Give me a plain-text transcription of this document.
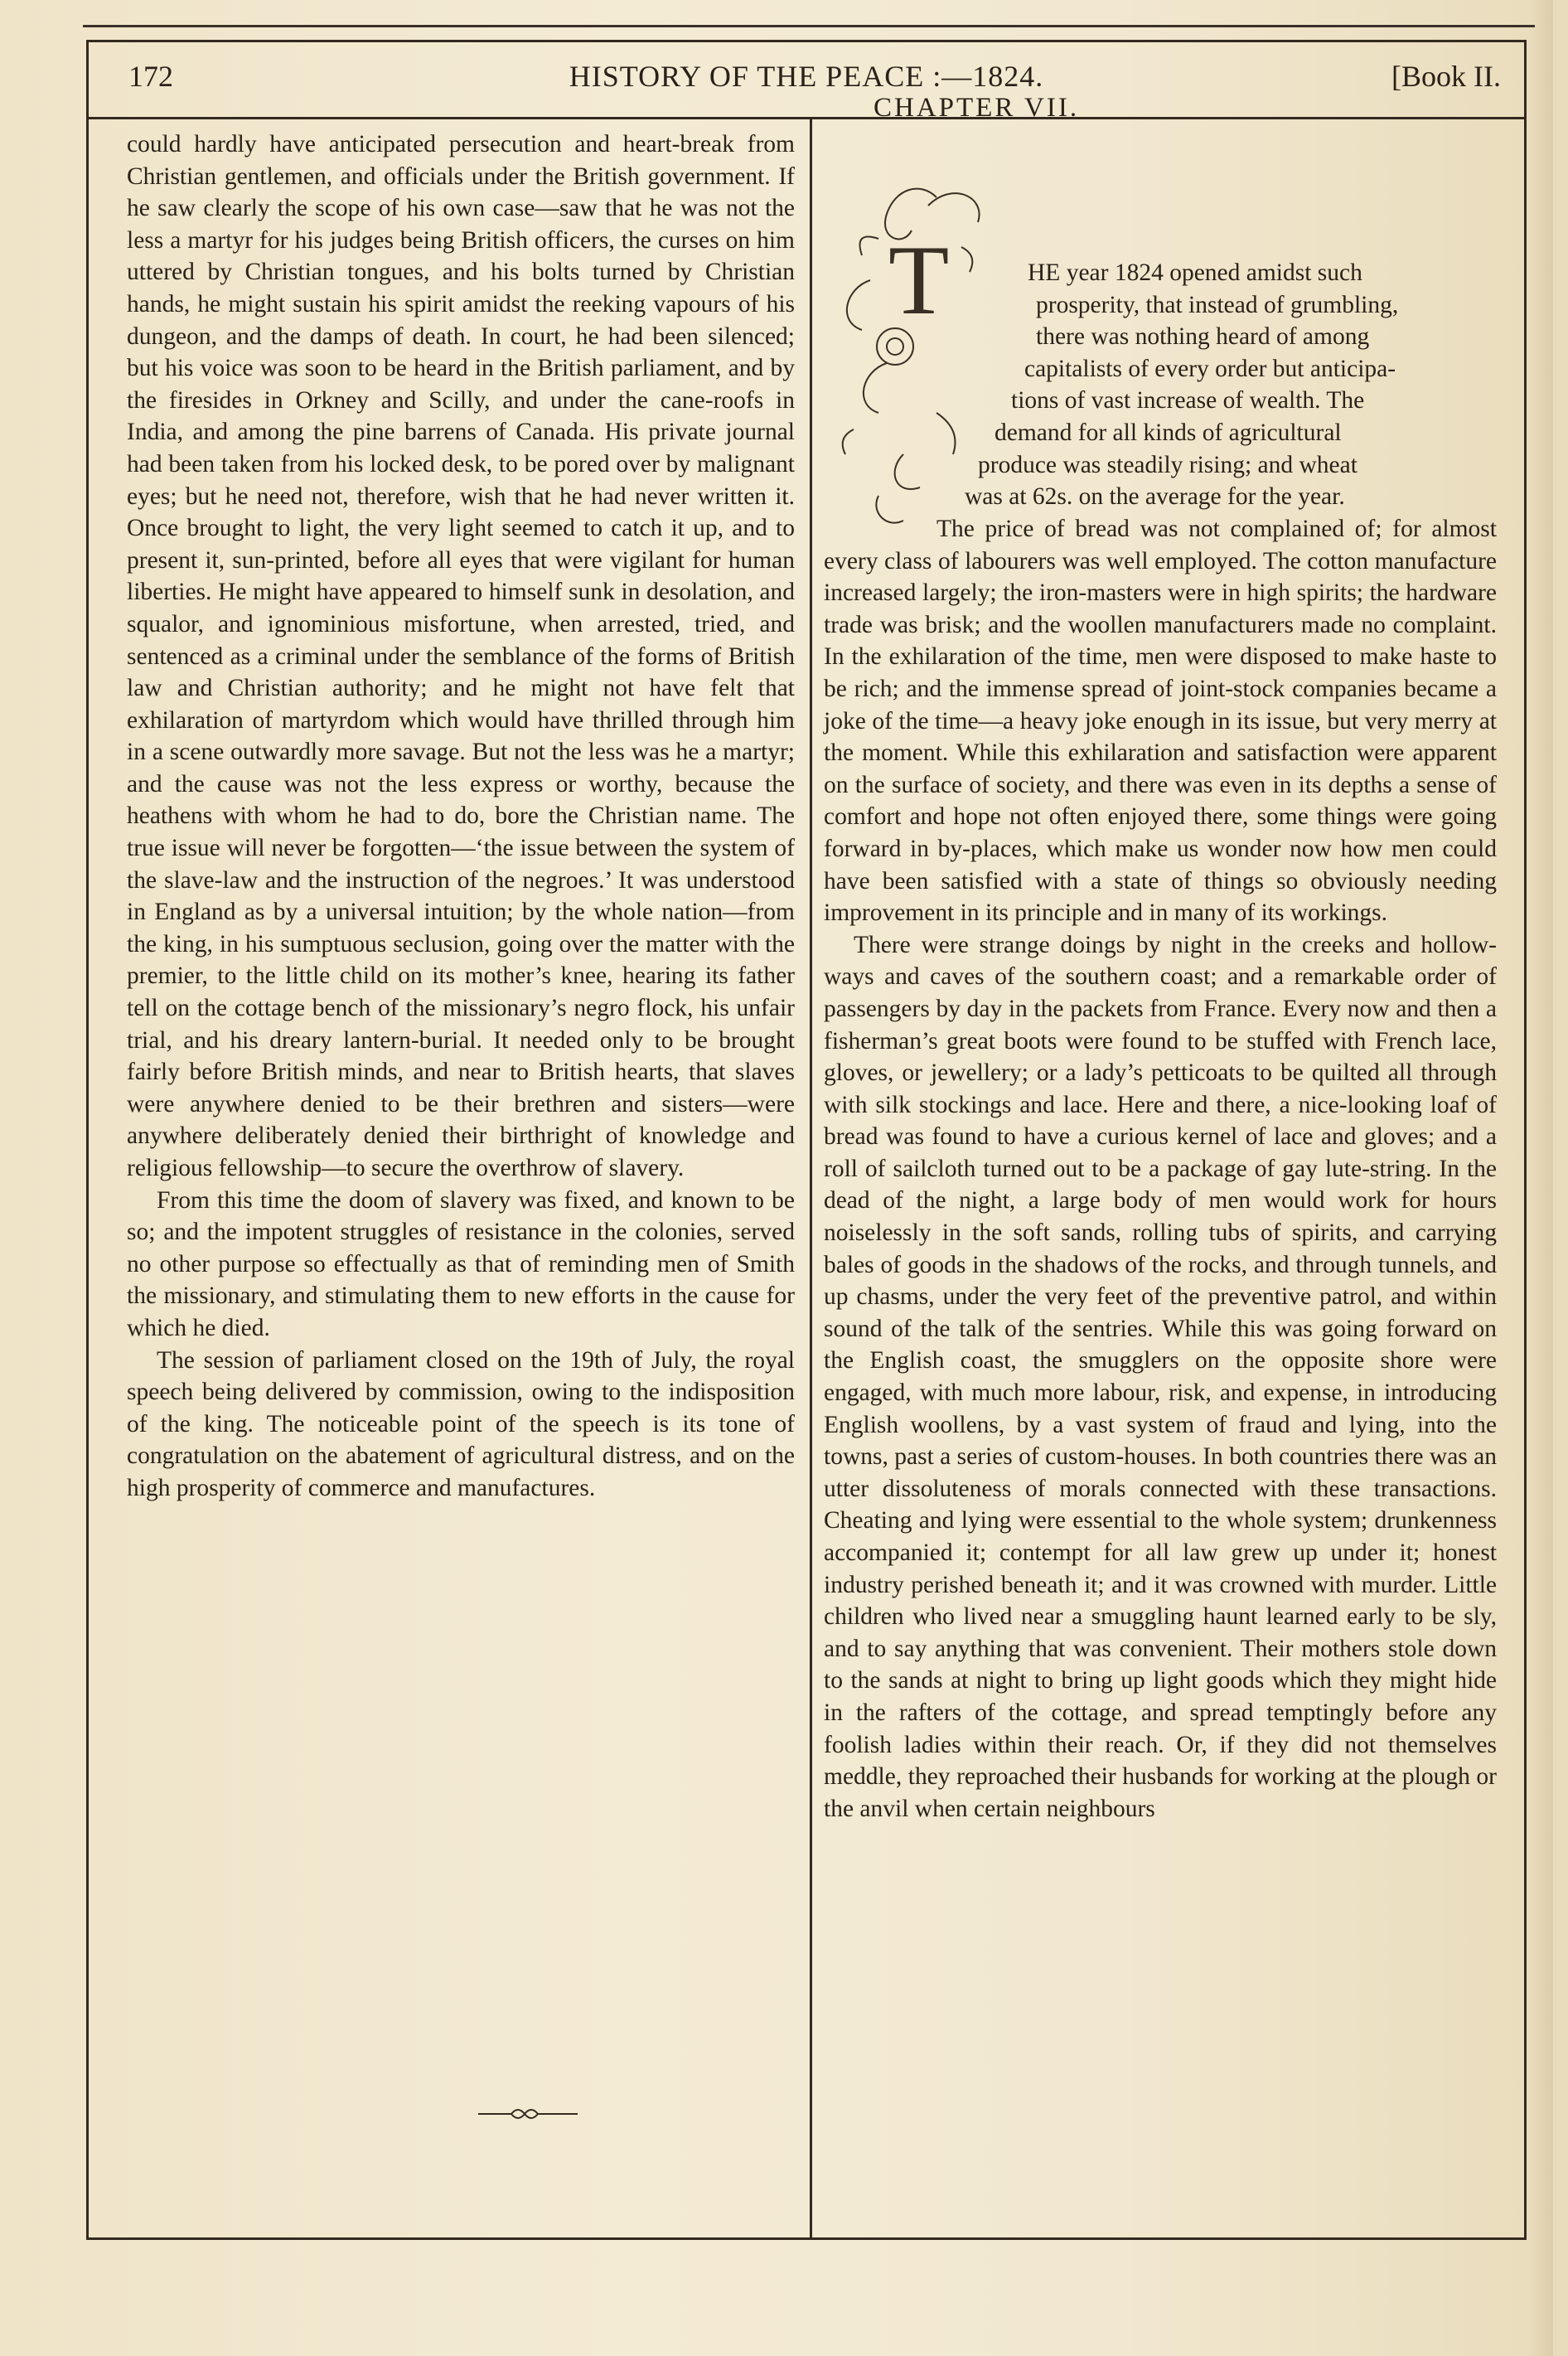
172	HISTORY OF THE PEACE :—1824.	[Book II.

could hardly have anticipated persecution and heart-break from Christian gentlemen, and officials under the British government. If he saw clearly the scope of his own case—saw that he was not the less a martyr for his judges being British officers, the curses on him uttered by Christian tongues, and his bolts turned by Christian hands, he might sustain his spirit amidst the reeking vapours of his dungeon, and the damps of death. In court, he had been silenced; but his voice was soon to be heard in the British parliament, and by the firesides in Orkney and Scilly, and under the cane-roofs in India, and among the pine barrens of Canada. His private journal had been taken from his locked desk, to be pored over by malignant eyes; but he need not, therefore, wish that he had never written it. Once brought to light, the very light seemed to catch it up, and to present it, sun-printed, before all eyes that were vigilant for human liberties. He might have appeared to himself sunk in desolation, and squalor, and ignominious misfortune, when arrested, tried, and sentenced as a criminal under the semblance of the forms of British law and Christian authority; and he might not have felt that exhilaration of martyrdom which would have thrilled through him in a scene outwardly more savage. But not the less was he a martyr; and the cause was not the less express or worthy, because the heathens with whom he had to do, bore the Christian name. The true issue will never be forgotten—‘the issue between the system of the slave-law and the instruction of the negroes.’ It was understood in England as by a universal intuition; by the whole nation—from the king, in his sumptuous seclusion, going over the matter with the premier, to the little child on its mother’s knee, hearing its father tell on the cottage bench of the missionary’s negro flock, his unfair trial, and his dreary lantern-burial. It needed only to be brought fairly before British minds, and near to British hearts, that slaves were anywhere denied to be their brethren and sisters—were anywhere deliberately denied their birthright of knowledge and religious fellowship—to secure the overthrow of slavery.

From this time the doom of slavery was fixed, and known to be so; and the impotent struggles of resistance in the colonies, served no other purpose so effectually as that of reminding men of Smith the missionary, and stimulating them to new efforts in the cause for which he died.

The session of parliament closed on the 19th of July, the royal speech being delivered by commission, owing to the indisposition of the king. The noticeable point of the speech is its tone of congratulation on the abatement of agricultural distress, and on the high prosperity of commerce and manufactures.

CHAPTER VII.
T	HE year 1824 opened amidst such
prosperity, that instead of grumbling,
there was nothing heard of among
capitalists of every order but anticipa-
tions of vast increase of wealth. The
demand for all kinds of agricultural
produce was steadily rising; and wheat
was at 62s. on the average for the year.

The price of bread was not complained of; for almost every class of labourers was well employed. The cotton manufacture increased largely; the iron-masters were in high spirits; the hardware trade was brisk; and the woollen manufacturers made no complaint. In the exhilaration of the time, men were disposed to make haste to be rich; and the immense spread of joint-stock companies became a joke of the time—a heavy joke enough in its issue, but very merry at the moment. While this exhilaration and satisfaction were apparent on the surface of society, and there was even in its depths a sense of comfort and hope not often enjoyed there, some things were going forward in by-places, which make us wonder now how men could have been satisfied with a state of things so obviously needing improvement in its principle and in many of its workings.

There were strange doings by night in the creeks and hollow-ways and caves of the southern coast; and a remarkable order of passengers by day in the packets from France. Every now and then a fisherman’s great boots were found to be stuffed with French lace, gloves, or jewellery; or a lady’s petticoats to be quilted all through with silk stockings and lace. Here and there, a nice-looking loaf of bread was found to have a curious kernel of lace and gloves; and a roll of sailcloth turned out to be a package of gay lute-string. In the dead of the night, a large body of men would work for hours noiselessly in the soft sands, rolling tubs of spirits, and carrying bales of goods in the shadows of the rocks, and through tunnels, and up chasms, under the very feet of the preventive patrol, and within sound of the talk of the sentries. While this was going forward on the English coast, the smugglers on the opposite shore were engaged, with much more labour, risk, and expense, in introducing English woollens, by a vast system of fraud and lying, into the towns, past a series of custom-houses. In both countries there was an utter dissoluteness of morals connected with these transactions. Cheating and lying were essential to the whole system; drunkenness accompanied it; contempt for all law grew up under it; honest industry perished beneath it; and it was crowned with murder. Little children who lived near a smuggling haunt learned early to be sly, and to say anything that was convenient. Their mothers stole down to the sands at night to bring up light goods which they might hide in the rafters of the cottage, and spread temptingly before any foolish ladies within their reach. Or, if they did not themselves meddle, they reproached their husbands for working at the plough or the anvil when certain neighbours
